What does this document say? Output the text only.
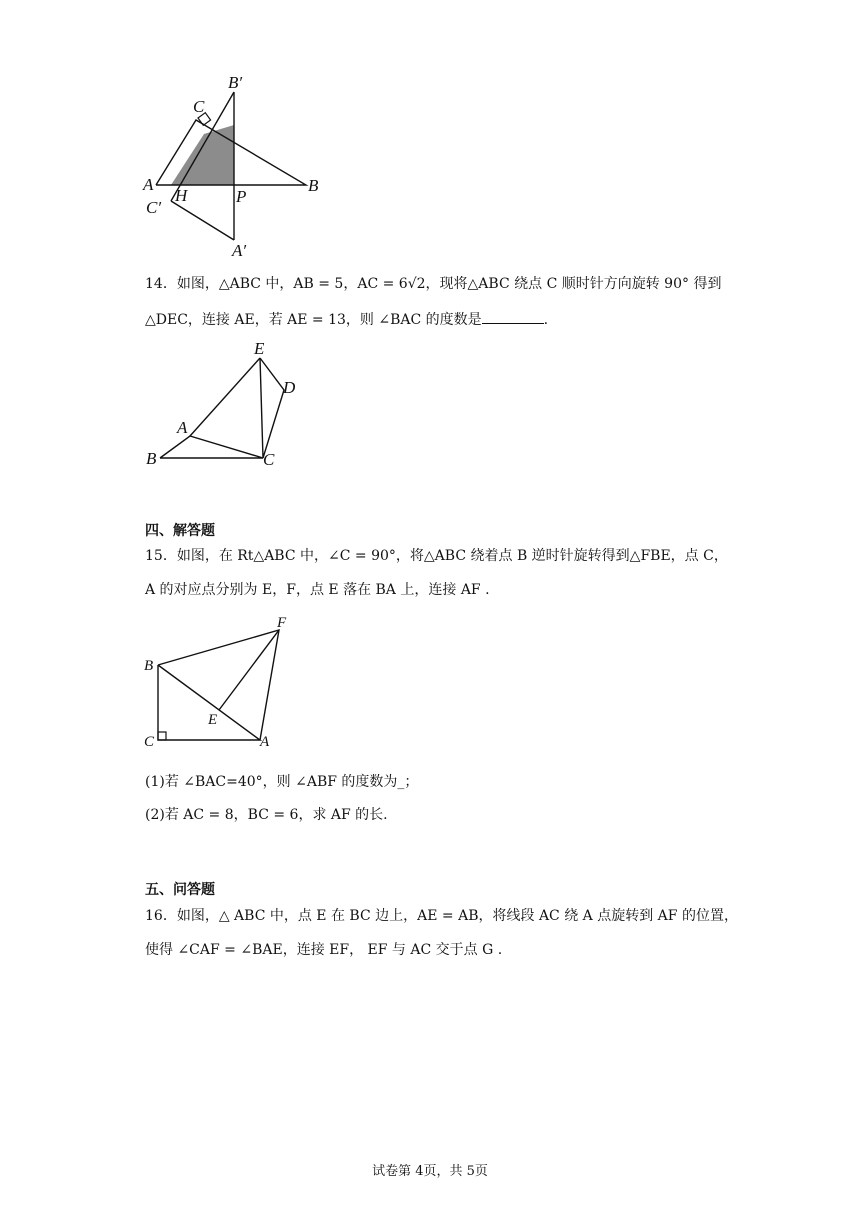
B′
C
A
H	P
B
C′
A′
14．如图，△ABC 中，AB = 5，AC = 6√2，现将△ABC 绕点 C 顺时针方向旋转 90° 得到
△DEC，连接 AE，若 AE = 13，则 ∠BAC 的度数是	.
E
D
A
B	C
四、解答题
15．如图，在 Rt△ABC 中，∠C = 90°，将△ABC 绕着点 B 逆时针旋转得到△FBE，点 C，
A 的对应点分别为 E，F，点 E 落在 BA 上，连接 AF .
F
B
E
C	A
(1)若 ∠BAC=40°，则 ∠ABF 的度数为_；
(2)若 AC = 8，BC = 6，求 AF 的长.
五、问答题
16．如图，△ ABC 中，点 E 在 BC 边上，AE = AB，将线段 AC 绕 A 点旋转到 AF 的位置，
使得 ∠CAF = ∠BAE，连接 EF， EF 与 AC 交于点 G .
试卷第 4页，共 5页
